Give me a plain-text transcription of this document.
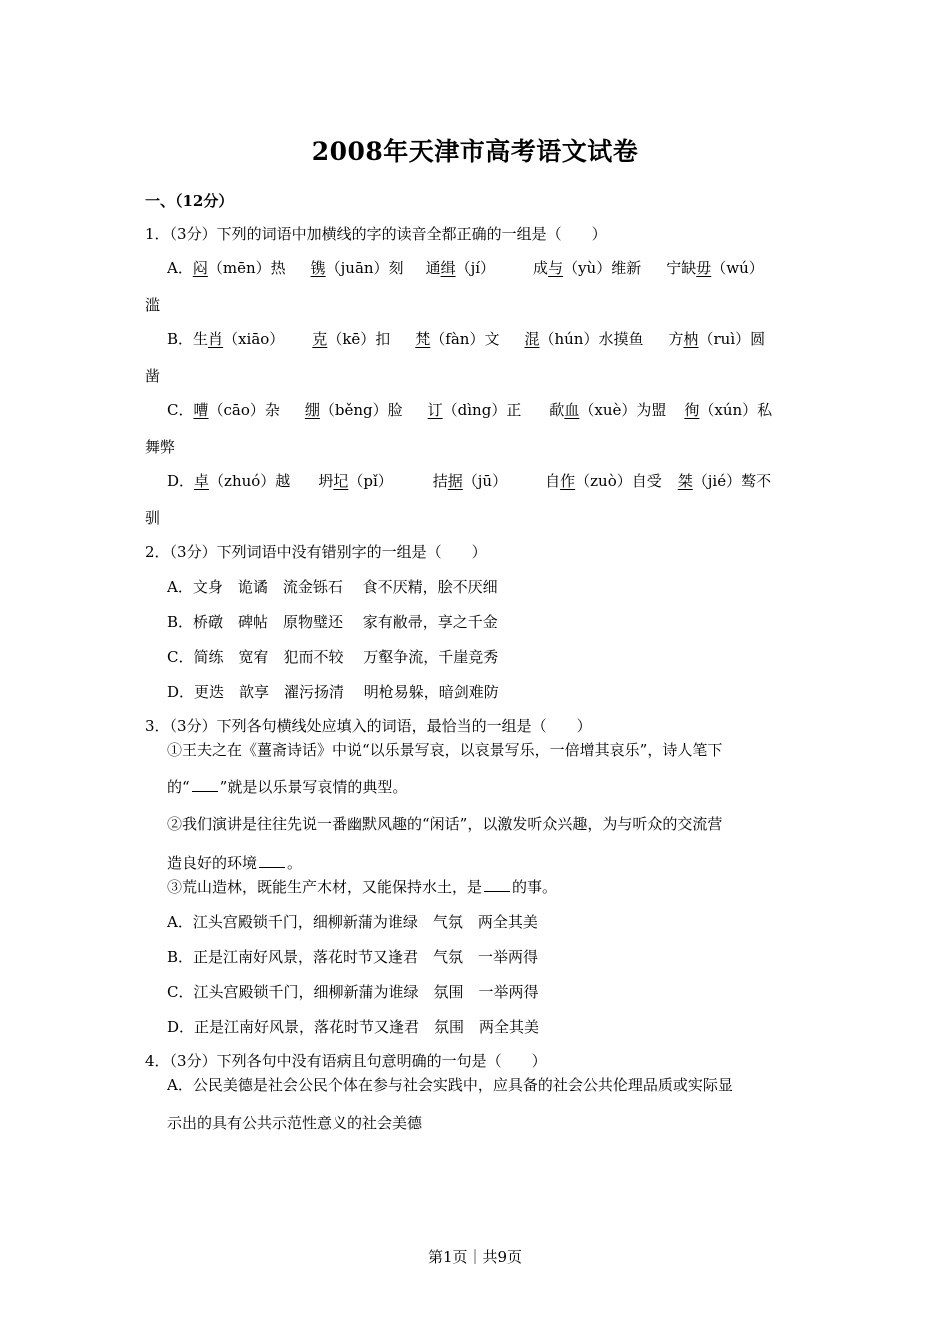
2008年天津市高考语文试卷
一、（12分）

1．（3分）下列的词语中加横线的字的读音全都正确的一组是（　　）

A．闷（mēn）热 镌（juān）刻 通缉（jí）	成与（yù）维新 宁缺毋（wú）
滥
B．生肖（xiāo） 克（kē）扣 梵（fàn）文 混（hún）水摸鱼 方枘（ruì）圆
凿
C．嘈（cāo）杂 绷（běng）脸 订（dìng）正 歃血（xuè）为盟 徇（xún）私
舞弊
D．卓（zhuó）越 坍圮（pǐ）	拮据（jū）	自作（zuò）自受 桀（jié）骜不
驯

2．（3分）下列词语中没有错别字的一组是（　　）

A．文身　诡谲　流金铄石　 食不厌精，脍不厌细

B．桥礅　碑帖　原物璧还　 家有敝帚，享之千金

C．简练　宽宥　犯而不较　 万壑争流，千崖竞秀

D．更迭　歆享　濯污扬清　 明枪易躲，暗剑难防

3．（3分）下列各句横线处应填入的词语，最恰当的一组是（　　）

①王夫之在《薑斋诗话》中说“以乐景写哀，以哀景写乐，一倍增其哀乐”，诗人笔下
的“ ”就是以乐景写哀情的典型。
②我们演讲是往往先说一番幽默风趣的“闲话”，以激发听众兴趣，为与听众的交流营
造良好的环境 。
③荒山造林，既能生产木材，又能保持水土，是 的事。

A．江头宫殿锁千门，细柳新蒲为谁绿　气氛　两全其美

B．正是江南好风景，落花时节又逢君　气氛　一举两得

C．江头宫殿锁千门，细柳新蒲为谁绿　氛围　一举两得

D．正是江南好风景，落花时节又逢君　氛围　两全其美

4．（3分）下列各句中没有语病且句意明确的一句是（　　）

A．公民美德是社会公民个体在参与社会实践中，应具备的社会公共伦理品质或实际显
示出的具有公共示范性意义的社会美德
第1页｜共9页
